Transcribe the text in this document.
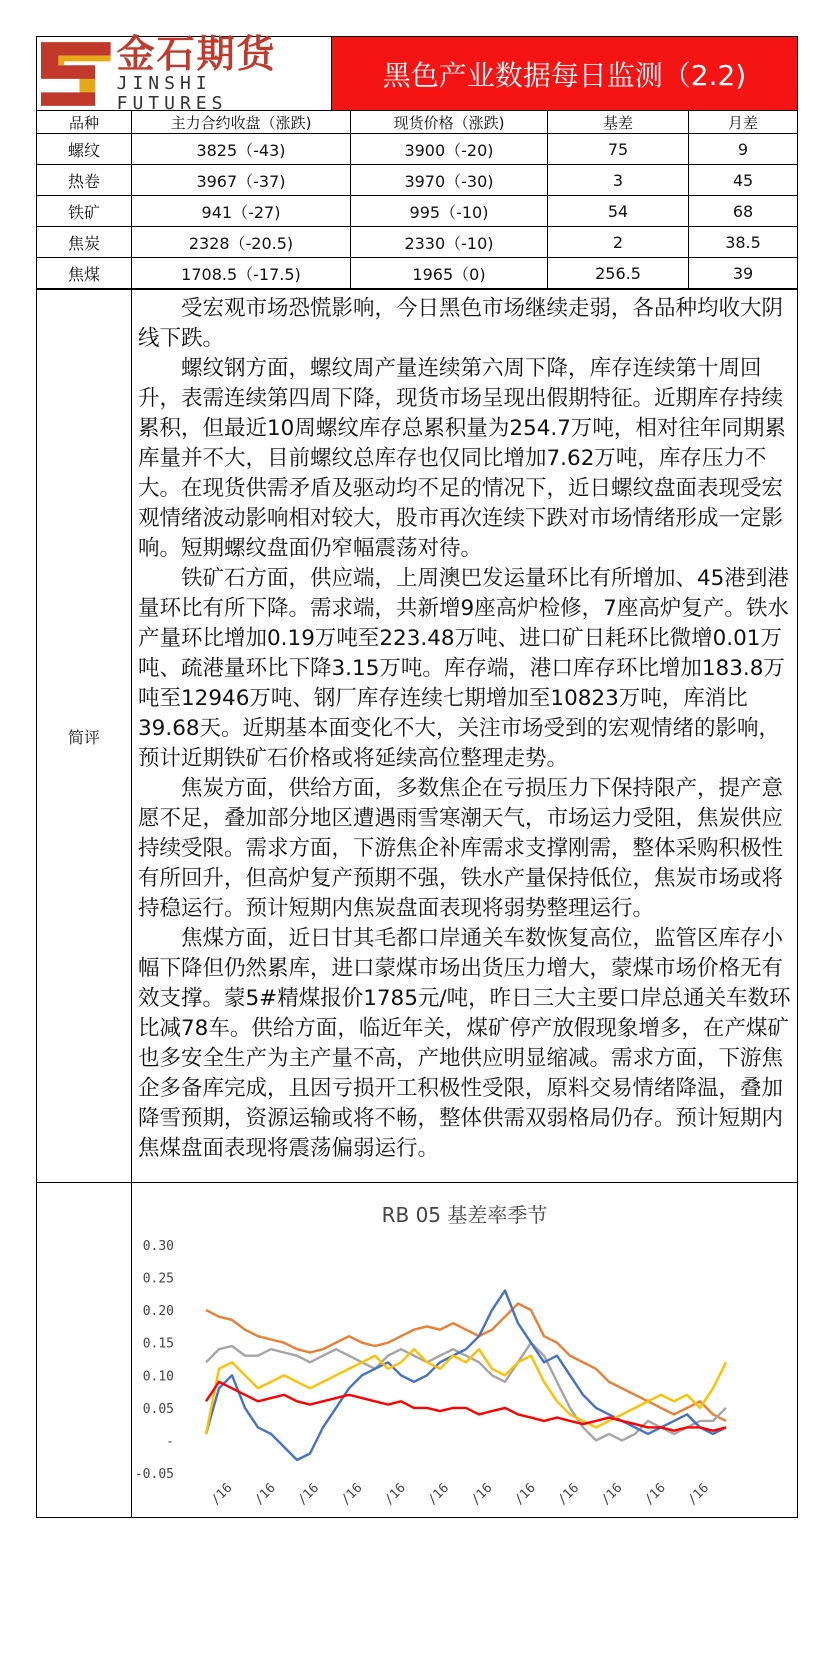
金石期货
JINSHI FUTURES
黑色产业数据每日监测（2.2)
品种	主力合约收盘（涨跌)	现货价格（涨跌)	基差	月差
螺纹	3825（-43)	3900（-20)	75	9
热卷	3967（-37)	3970（-30)	3	45
铁矿	941（-27)	995（-10)	54	68
焦炭	2328（-20.5)	2330（-10)	2	38.5
焦煤	1708.5（-17.5)	1965（0)	256.5	39
简评

受宏观市场恐慌影响，今日黑色市场继续走弱，各品种均收大阴线下跌。

螺纹钢方面，螺纹周产量连续第六周下降，库存连续第十周回升，表需连续第四周下降，现货市场呈现出假期特征。近期库存持续累积，但最近10周螺纹库存总累积量为254.7万吨，相对往年同期累库量并不大，目前螺纹总库存也仅同比增加7.62万吨，库存压力不大。在现货供需矛盾及驱动均不足的情况下，近日螺纹盘面表现受宏观情绪波动影响相对较大，股市再次连续下跌对市场情绪形成一定影响。短期螺纹盘面仍窄幅震荡对待。

铁矿石方面，供应端，上周澳巴发运量环比有所增加、45港到港量环比有所下降。需求端，共新增9座高炉检修，7座高炉复产。铁水产量环比增加0.19万吨至223.48万吨、进口矿日耗环比微增0.01万吨、疏港量环比下降3.15万吨。库存端，港口库存环比增加183.8万吨至12946万吨、钢厂库存连续七期增加至10823万吨，库消比39.68天。近期基本面变化不大，关注市场受到的宏观情绪的影响，预计近期铁矿石价格或将延续高位整理走势。

焦炭方面，供给方面，多数焦企在亏损压力下保持限产，提产意愿不足，叠加部分地区遭遇雨雪寒潮天气，市场运力受阻，焦炭供应持续受限。需求方面，下游焦企补库需求支撑刚需，整体采购积极性有所回升，但高炉复产预期不强，铁水产量保持低位，焦炭市场或将持稳运行。预计短期内焦炭盘面表现将弱势整理运行。

焦煤方面，近日甘其毛都口岸通关车数恢复高位，监管区库存小幅下降但仍然累库，进口蒙煤市场出货压力增大，蒙煤市场价格无有效支撑。蒙5#精煤报价1785元/吨，昨日三大主要口岸总通关车数环比减78车。供给方面，临近年关，煤矿停产放假现象增多，在产煤矿也多安全生产为主产量不高，产地供应明显缩减。需求方面，下游焦企多备库完成，且因亏损开工积极性受限，原料交易情绪降温，叠加降雪预期，资源运输或将不畅，整体供需双弱格局仍存。预计短期内焦煤盘面表现将震荡偏弱运行。

RB 05 基差率季节
0.30
0.25
0.20
0.15
0.10
0.05
-
-0.05
/16 /16 /16 /16 /16 /16 /16 /16 /16 /16 /16 /16
